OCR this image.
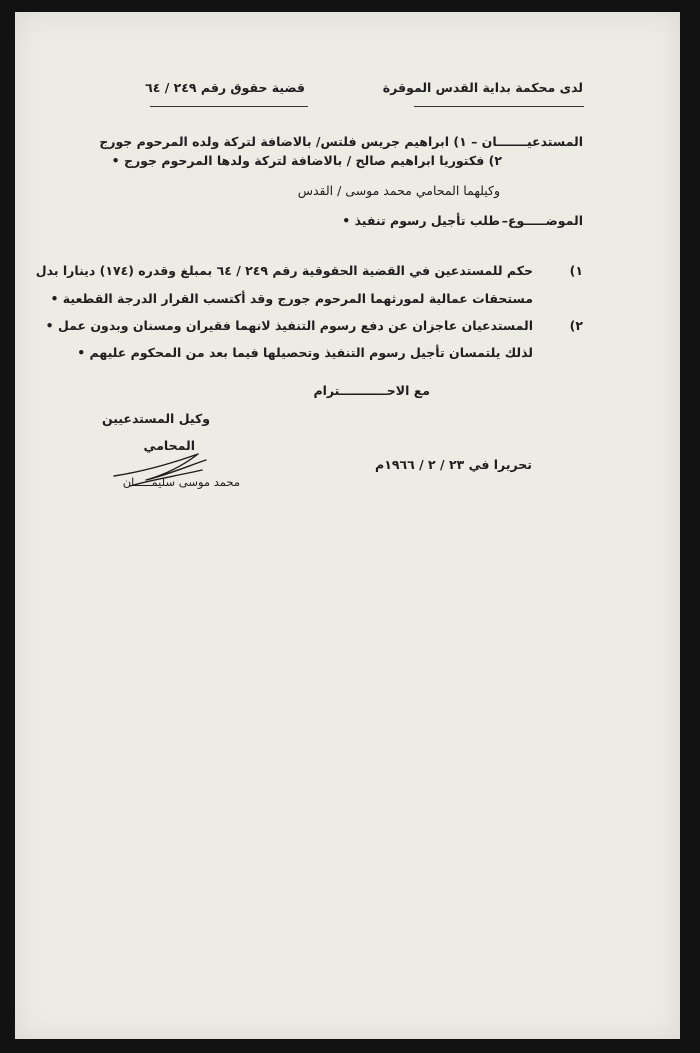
لدى محكمة بداية القدس الموقرة
قضية حقوق رقم ٢٤٩ / ٦٤
المستدعيـــــــان – ١) ابراهيم جريس فلتس/ بالاضافة لتركة ولده المرحوم جورج
٢) فكتوريا ابراهيم صالح / بالاضافة لتركة ولدها المرحوم جورج •
وكيلهما المحامي محمد موسى / القدس
الموضـــــوع–
طلب تأجيل رسوم تنفيذ •
١)
حكم للمستدعين في القضية الحقوقية رقم ٢٤٩ / ٦٤ بمبلغ وقدره (١٧٤) دينارا بدل
مستحقات عمالية لمورثهما المرحوم جورج وقد أكتسب القرار الدرجة القطعية •
٢)
المستدعيان عاجزان عن دفع رسوم التنفيذ لانهما فقيران ومسنان وبدون عمل •
لذلك يلتمسان تأجيل رسوم التنفيذ وتحصيلها فيما بعد من المحكوم عليهم •
مع الاحـــــــــــترام
وكيل المستدعيين
المحامي
محمد موسى سليمـــــان
تحريرا في ٢٣ / ٢ / ١٩٦٦م
